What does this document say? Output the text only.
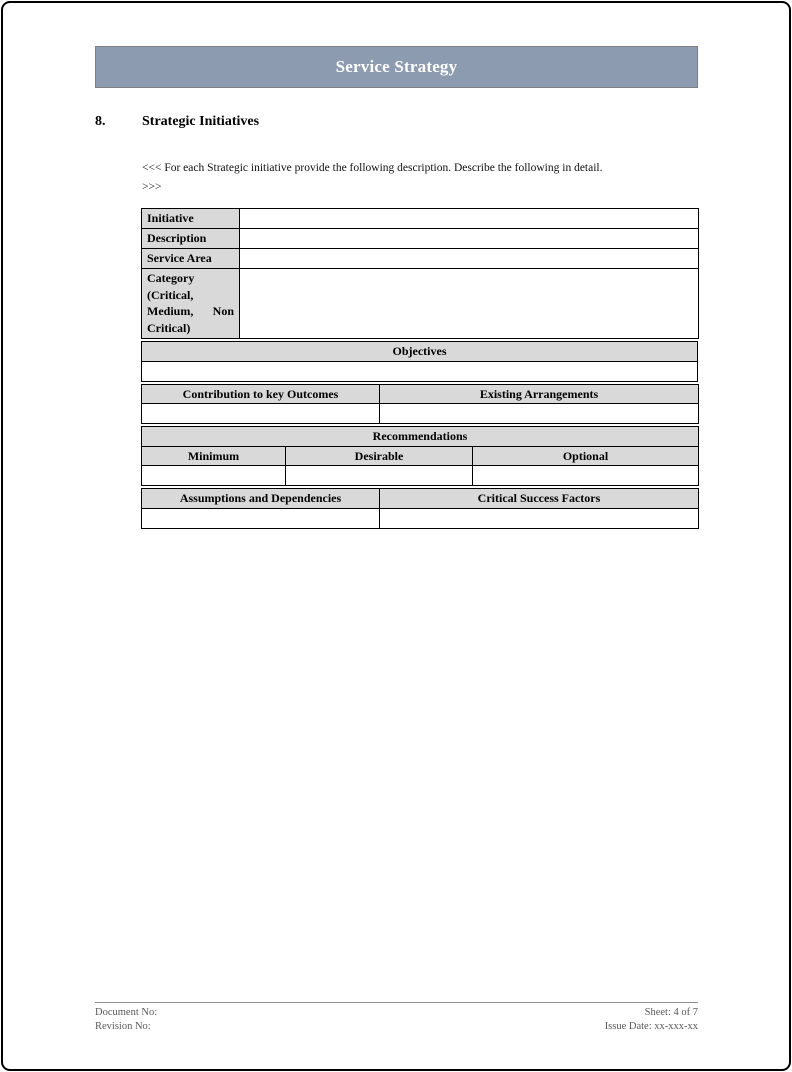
Service Strategy
8.	Strategic Initiatives
<<< For each Strategic initiative provide the following description. Describe the following in detail.
>>>
Initiative	
Description	
Service Area	
Category (Critical, Medium, Non Critical)	
Objectives

Contribution to key Outcomes	Existing Arrangements

Recommendations		
Minimum	Desirable	Optional

Assumptions and Dependencies	Critical Success Factors

Document No:
Revision No:
Sheet: 4 of 7
Issue Date: xx-xxx-xx
